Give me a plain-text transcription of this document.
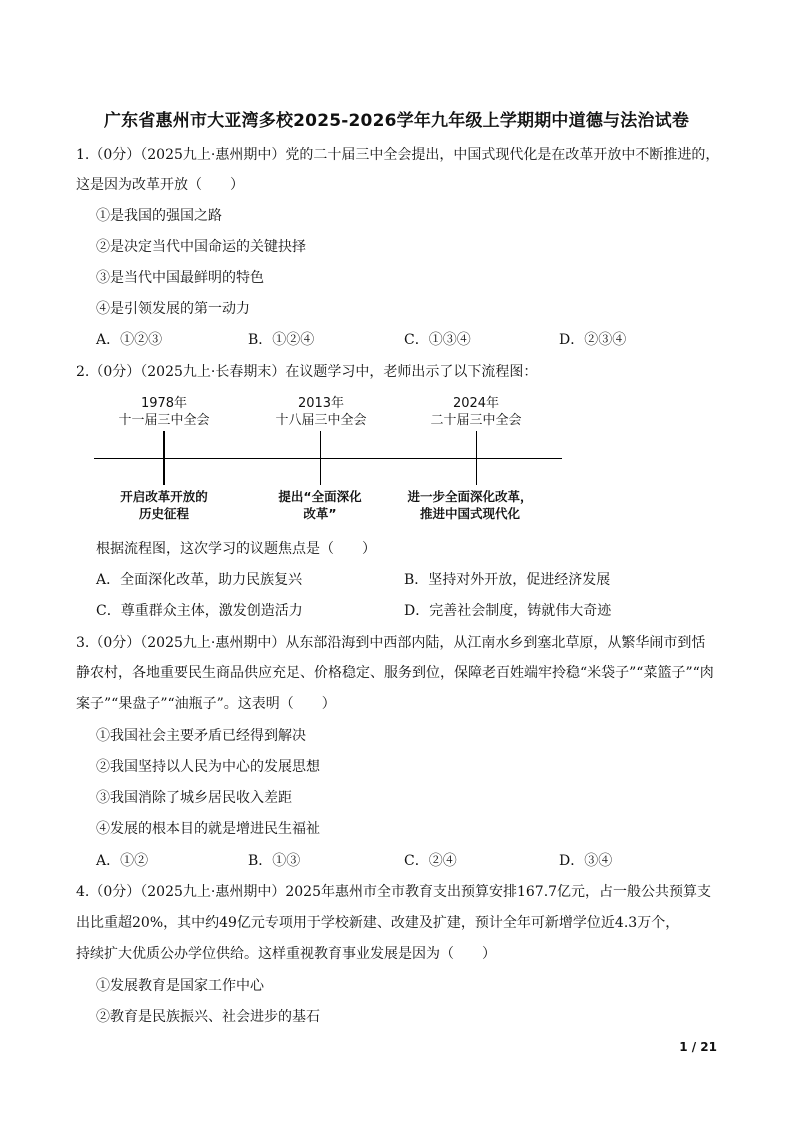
广东省惠州市大亚湾多校2025-2026学年九年级上学期期中道德与法治试卷
1.（0分）（2025九上·惠州期中）党的二十届三中全会提出，中国式现代化是在改革开放中不断推进的，
这是因为改革开放（　　）
①是我国的强国之路
②是决定当代中国命运的关键抉择
③是当代中国最鲜明的特色
④是引领发展的第一动力
A．①②③	B．①②④	C．①③④	D．②③④
2.（0分）（2025九上·长春期末）在议题学习中，老师出示了以下流程图：
1978年
十一届三中全会
2013年
十八届三中全会
2024年
二十届三中全会
开启改革开放的
历史征程
提出“全面深化
改革”
进一步全面深化改革，
推进中国式现代化
根据流程图，这次学习的议题焦点是（　　）
A．全面深化改革，助力民族复兴	B．坚持对外开放，促进经济发展
C．尊重群众主体，激发创造活力	D．完善社会制度，铸就伟大奇迹
3.（0分）（2025九上·惠州期中）从东部沿海到中西部内陆，从江南水乡到塞北草原，从繁华闹市到恬
静农村，各地重要民生商品供应充足、价格稳定、服务到位，保障老百姓端牢拎稳“米袋子”“菜篮子”“肉
案子”“果盘子”“油瓶子”。这表明（　　）
①我国社会主要矛盾已经得到解决
②我国坚持以人民为中心的发展思想
③我国消除了城乡居民收入差距
④发展的根本目的就是增进民生福祉
A．①②	B．①③	C．②④	D．③④
4.（0分）（2025九上·惠州期中）2025年惠州市全市教育支出预算安排167.7亿元，占一般公共预算支
出比重超20%，其中约49亿元专项用于学校新建、改建及扩建，预计全年可新增学位近4.3万个，
持续扩大优质公办学位供给。这样重视教育事业发展是因为（　　）
①发展教育是国家工作中心
②教育是民族振兴、社会进步的基石
1 / 21
